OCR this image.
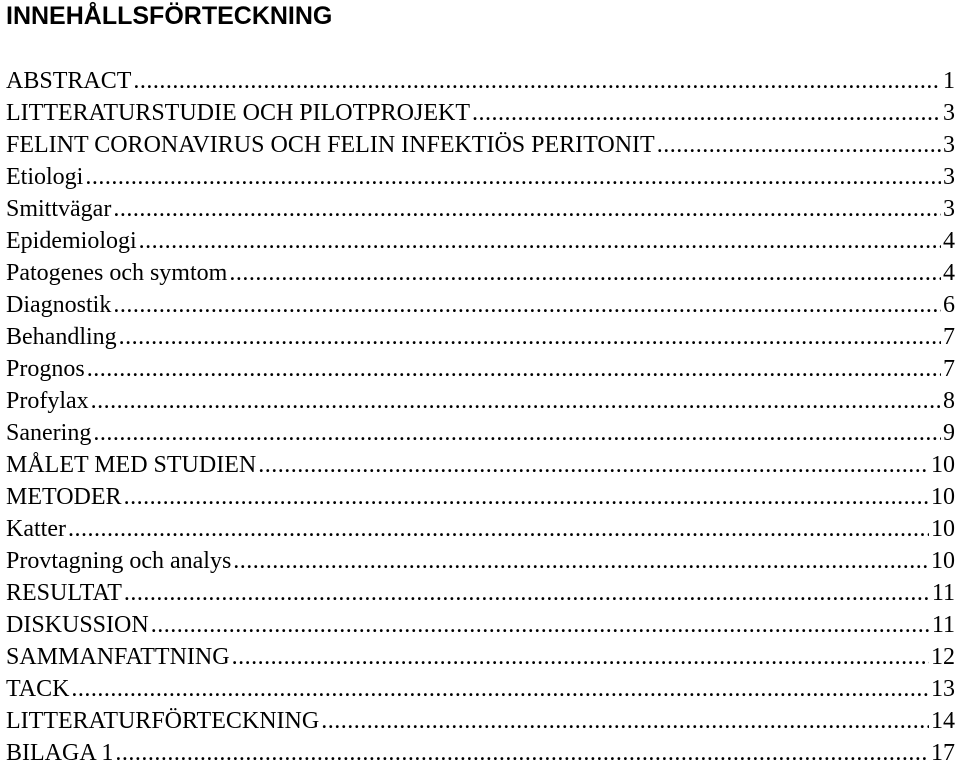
INNEHÅLLSFÖRTECKNING
ABSTRACT .....	1
LITTERATURSTUDIE OCH PILOTPROJEKT .....	3
FELINT CORONAVIRUS OCH FELIN INFEKTIÖS PERITONIT .....	3
Etiologi .....	3
Smittvägar .....	3
Epidemiologi .....	4
Patogenes och symtom .....	4
Diagnostik .....	6
Behandling .....	7
Prognos .....	7
Profylax .....	8
Sanering .....	9
MÅLET MED STUDIEN .....	10
METODER .....	10
Katter .....	10
Provtagning och analys .....	10
RESULTAT .....	11
DISKUSSION .....	11
SAMMANFATTNING .....	12
TACK .....	13
LITTERATURFÖRTECKNING .....	14
BILAGA 1 .....	17
